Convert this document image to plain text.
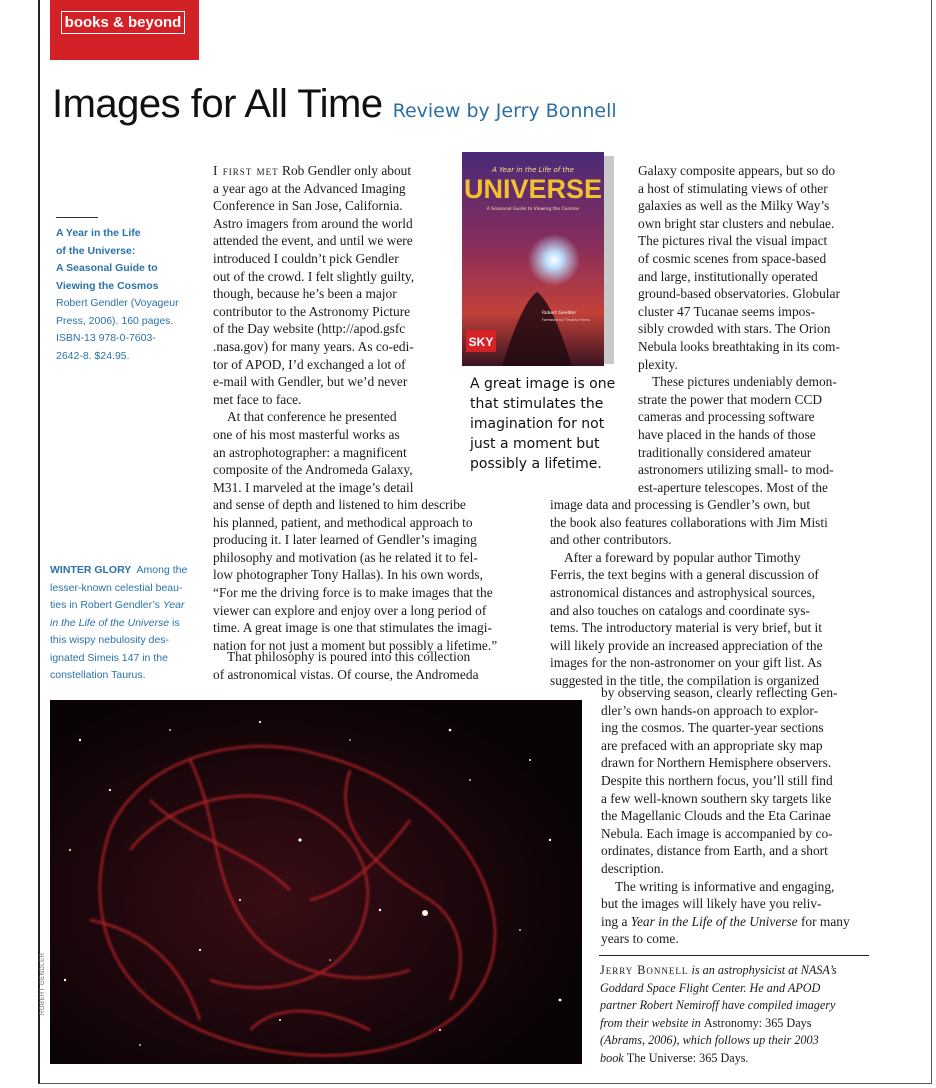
books & beyond
Images for All Time Review by Jerry Bonnell
A Year in the Life
of the Universe:
A Seasonal Guide to
Viewing the Cosmos
Robert Gendler (Voyageur
Press, 2006). 160 pages.
ISBN-13 978-0-7603-
2642-8. $24.95.
WINTER GLORY Among the
lesser-known celestial beau-
ties in Robert Gendler’s Year
in the Life of the Universe is
this wispy nebulosity des-
ignated Simeis 147 in the
constellation Taurus.
I first met Rob Gendler only about
a year ago at the Advanced Imaging
Conference in San Jose, California.
Astro imagers from around the world
attended the event, and until we were
introduced I couldn’t pick Gendler
out of the crowd. I felt slightly guilty,
though, because he’s been a major
contributor to the Astronomy Picture
of the Day website (http://apod.gsfc
.nasa.gov) for many years. As co-edi-
tor of APOD, I’d exchanged a lot of
e-mail with Gendler, but we’d never
met face to face.
At that conference he presented
one of his most masterful works as
an astrophotographer: a magnificent
composite of the Andromeda Galaxy,
M31. I marveled at the image’s detail
and sense of depth and listened to him describe
his planned, patient, and methodical approach to
producing it. I later learned of Gendler’s imaging
philosophy and motivation (as he related it to fel-
low photographer Tony Hallas). In his own words,
“For me the driving force is to make images that the
viewer can explore and enjoy over a long period of
time. A great image is one that stimulates the imagi-
nation for not just a moment but possibly a lifetime.”
That philosophy is poured into this collection
of astronomical vistas. Of course, the Andromeda
A Year in the Life of the
UNIVERSE
A Seasonal Guide to Viewing the Cosmos
Robert Gendler
Foreword by Timothy Ferris
SKY
A great image is one
that stimulates the
imagination for not
just a moment but
possibly a lifetime.
Galaxy composite appears, but so do
a host of stimulating views of other
galaxies as well as the Milky Way’s
own bright star clusters and nebulae.
The pictures rival the visual impact
of cosmic scenes from space-based
and large, institutionally operated
ground-based observatories. Globular
cluster 47 Tucanae seems impos-
sibly crowded with stars. The Orion
Nebula looks breathtaking in its com-
plexity.
These pictures undeniably demon-
strate the power that modern CCD
cameras and processing software
have placed in the hands of those
traditionally considered amateur
astronomers utilizing small- to mod-
est-aperture telescopes. Most of the
image data and processing is Gendler’s own, but
the book also features collaborations with Jim Misti
and other contributors.
After a foreward by popular author Timothy
Ferris, the text begins with a general discussion of
astronomical distances and astrophysical sources,
and also touches on catalogs and coordinate sys-
tems. The introductory material is very brief, but it
will likely provide an increased appreciation of the
images for the non-astronomer on your gift list. As
suggested in the title, the compilation is organized
by observing season, clearly reflecting Gen-
dler’s own hands-on approach to explor-
ing the cosmos. The quarter-year sections
are prefaced with an appropriate sky map
drawn for Northern Hemisphere observers.
Despite this northern focus, you’ll still find
a few well-known southern sky targets like
the Magellanic Clouds and the Eta Carinae
Nebula. Each image is accompanied by co-
ordinates, distance from Earth, and a short
description.
The writing is informative and engaging,
but the images will likely have you reliv-
ing a Year in the Life of the Universe for many
years to come.
ROBERT GENDLER	Jerry Bonnell is an astrophysicist at NASA’s
Goddard Space Flight Center. He and APOD
partner Robert Nemiroff have compiled imagery
from their website in Astronomy: 365 Days
(Abrams, 2006), which follows up their 2003
book The Universe: 365 Days.
